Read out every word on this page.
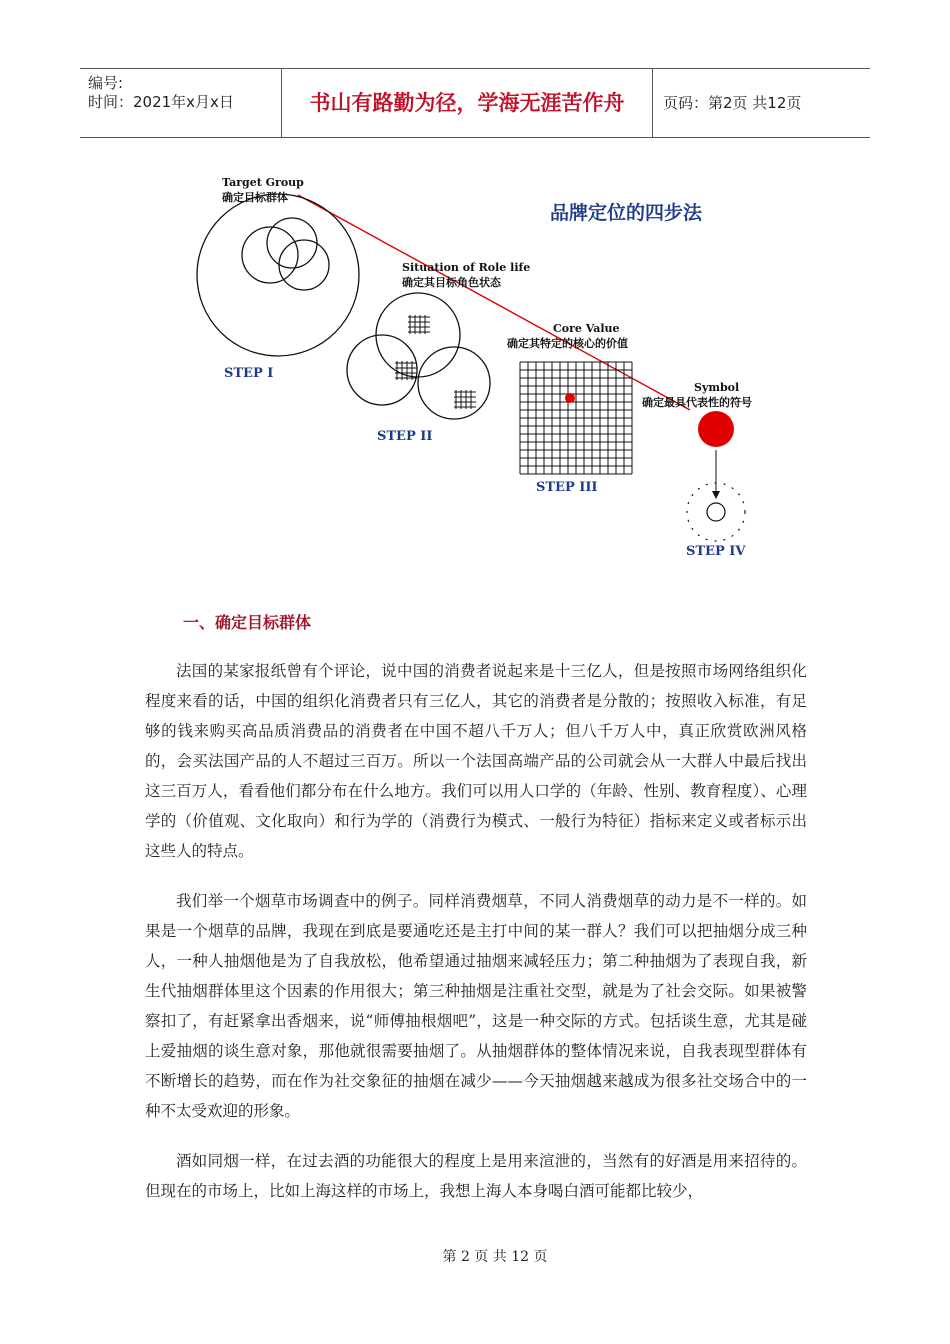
编号:
时间：2021年x月x日	书山有路勤为径，学海无涯苦作舟	页码：第2页 共12页
Target Group
确定目标群体
品牌定位的四步法
Situation of Role life
确定其目标角色状态
Core Value
确定其特定的核心的价值
Symbol
确定最具代表性的符号
STEP I
STEP II
STEP III
STEP IV
一、确定目标群体
法国的某家报纸曾有个评论，说中国的消费者说起来是十三亿人，但是按照市场网络组织化程度来看的话，中国的组织化消费者只有三亿人，其它的消费者是分散的；按照收入标准，有足够的钱来购买高品质消费品的消费者在中国不超八千万人；但八千万人中，真正欣赏欧洲风格的，会买法国产品的人不超过三百万。所以一个法国高端产品的公司就会从一大群人中最后找出这三百万人，看看他们都分布在什么地方。我们可以用人口学的（年龄、性别、教育程度）、心理学的（价值观、文化取向）和行为学的（消费行为模式、一般行为特征）指标来定义或者标示出这些人的特点。
我们举一个烟草市场调查中的例子。同样消费烟草，不同人消费烟草的动力是不一样的。如果是一个烟草的品牌，我现在到底是要通吃还是主打中间的某一群人？我们可以把抽烟分成三种人，一种人抽烟他是为了自我放松，他希望通过抽烟来减轻压力；第二种抽烟为了表现自我，新生代抽烟群体里这个因素的作用很大；第三种抽烟是注重社交型，就是为了社会交际。如果被警察扣了，有赶紧拿出香烟来，说“师傅抽根烟吧”，这是一种交际的方式。包括谈生意，尤其是碰上爱抽烟的谈生意对象，那他就很需要抽烟了。从抽烟群体的整体情况来说，自我表现型群体有不断增长的趋势，而在作为社交象征的抽烟在减少——今天抽烟越来越成为很多社交场合中的一种不太受欢迎的形象。
酒如同烟一样，在过去酒的功能很大的程度上是用来渲泄的，当然有的好酒是用来招待的。但现在的市场上，比如上海这样的市场上，我想上海人本身喝白酒可能都比较少，
第 2 页 共 12 页
